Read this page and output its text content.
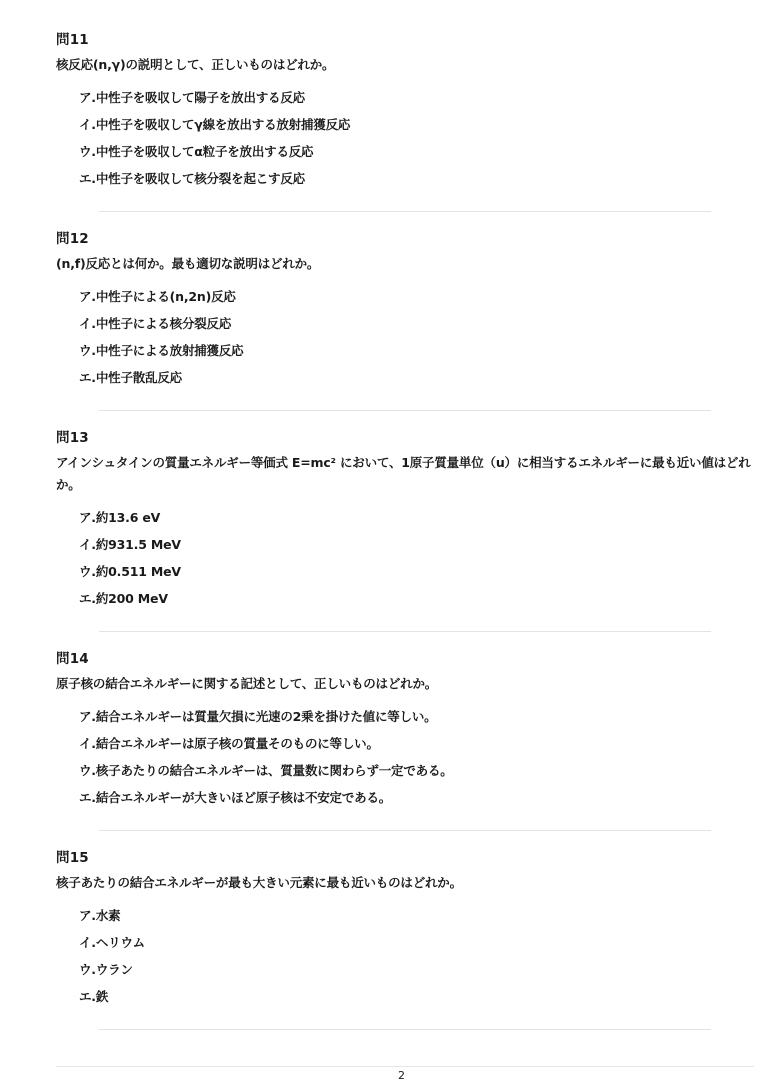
問11

核反応(n,γ)の説明として、正しいものはどれか。

ア.中性子を吸収して陽子を放出する反応
イ.中性子を吸収してγ線を放出する放射捕獲反応
ウ.中性子を吸収してα粒子を放出する反応
エ.中性子を吸収して核分裂を起こす反応
問12

(n,f)反応とは何か。最も適切な説明はどれか。

ア.中性子による(n,2n)反応
イ.中性子による核分裂反応
ウ.中性子による放射捕獲反応
エ.中性子散乱反応
問13

アインシュタインの質量エネルギー等価式 E=mc² において、1原子質量単位（u）に相当するエネルギーに最も近い値はどれか。

ア.約13.6 eV
イ.約931.5 MeV
ウ.約0.511 MeV
エ.約200 MeV
問14

原子核の結合エネルギーに関する記述として、正しいものはどれか。

ア.結合エネルギーは質量欠損に光速の2乗を掛けた値に等しい。
イ.結合エネルギーは原子核の質量そのものに等しい。
ウ.核子あたりの結合エネルギーは、質量数に関わらず一定である。
エ.結合エネルギーが大きいほど原子核は不安定である。
問15

核子あたりの結合エネルギーが最も大きい元素に最も近いものはどれか。

ア.水素
イ.ヘリウム
ウ.ウラン
エ.鉄
2
